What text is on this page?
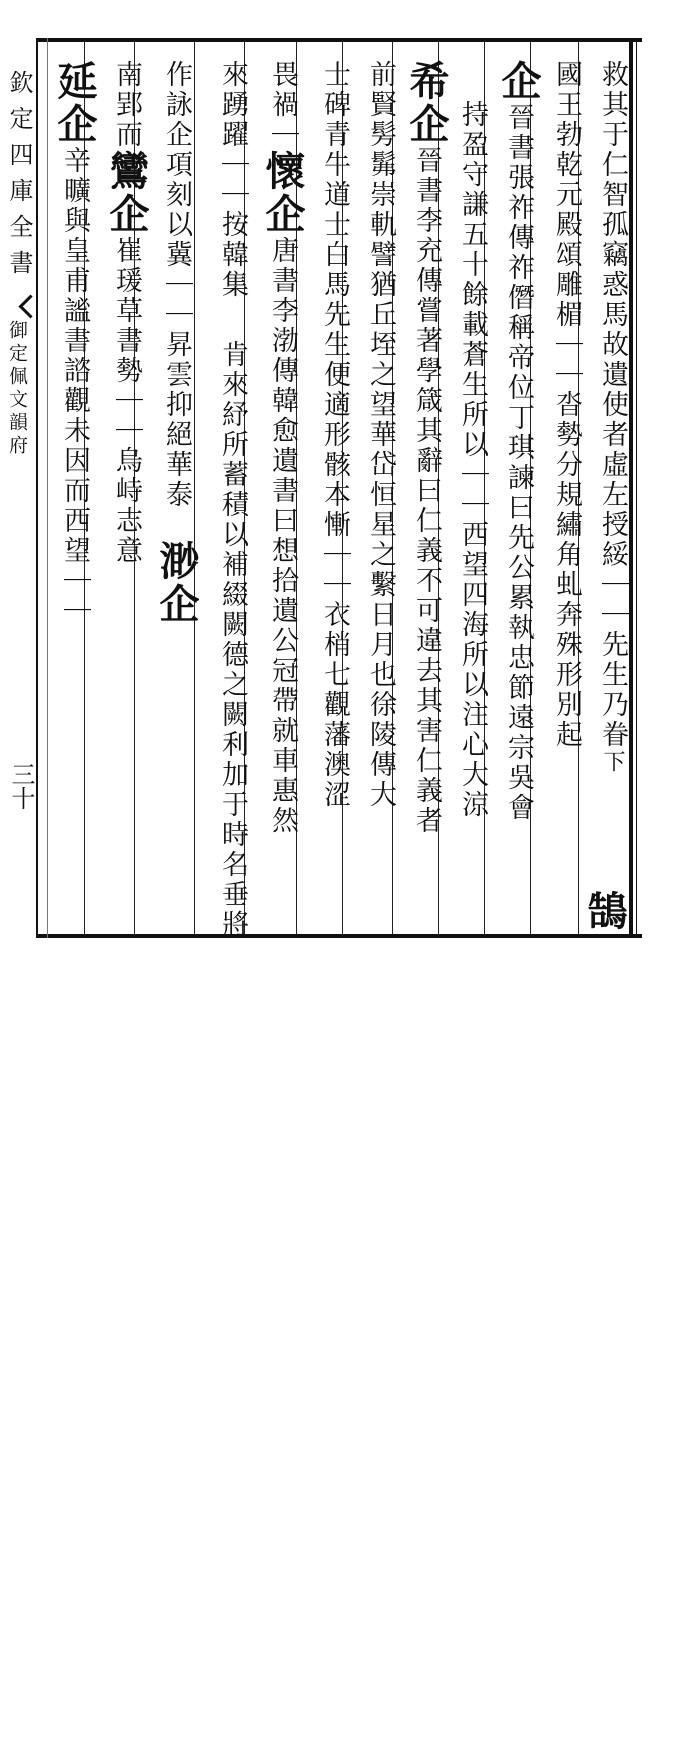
欽定四庫全書
御定佩文韻府
三十
救其于仁智孤竊惑馬故遺使者虛左授綏｜｜先生乃眷下
鵠
國王勃乾元殿頌雕楣｜｜沓勢分規繡角虬奔殊形別起
企晉書張祚傳祚僭稱帝位丁琪諫曰先公累執忠節遠宗吳會
持盈守謙五十餘載蒼生所以｜｜西望四海所以注心大涼
希企晉書李充傳嘗著學箴其辭曰仁義不可違去其害仁義者
前賢髣髴崇軌譬猶丘垤之望華岱恒星之繫日月也徐陵傳大
士碑青牛道士白馬先生便適形骸本慚｜｜衣梢七觀藩澳涩
畏禍｜懷企唐書李渤傳韓愈遺書曰想拾遺公冠帶就車惠然
肯來紓所蓄積以補綴闕德之闕利加于時名垂將
來踴躍｜｜按韓集
作詠企項刻以冀｜｜昇雲抑絕華泰
渺企
南郢而鸞企崔瑗草書勢｜｜烏峙志意
延企辛曠與皇甫謐書諮觀未因而西望｜｜
